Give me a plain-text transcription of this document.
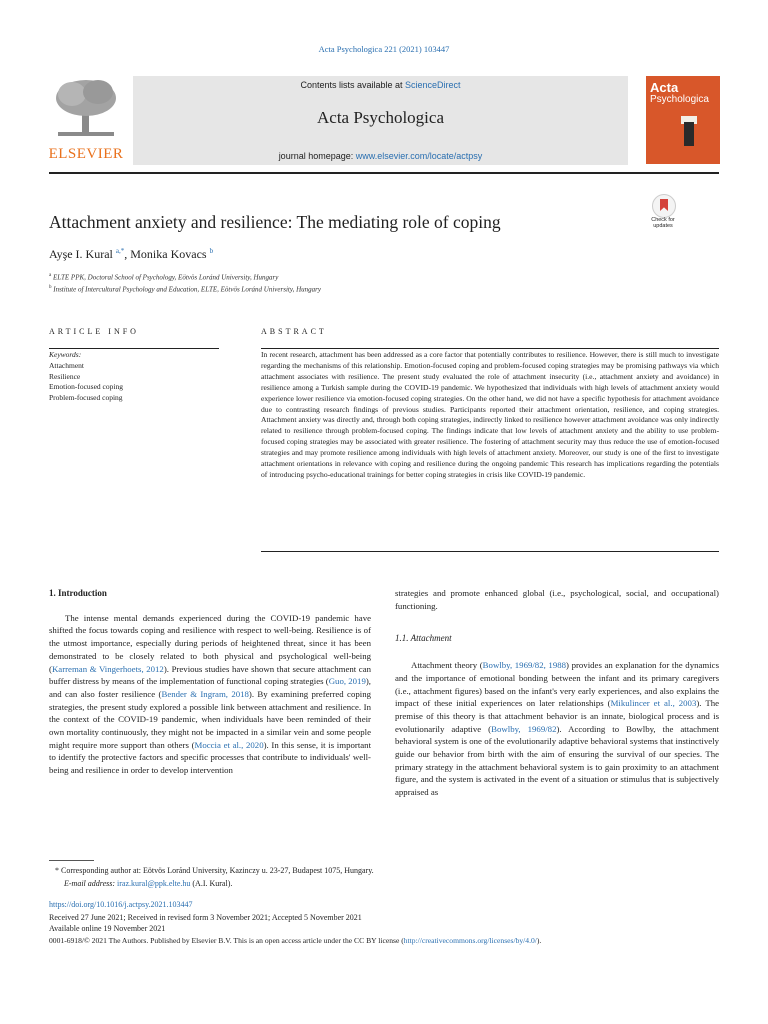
Acta Psychologica 221 (2021) 103447
ELSEVIER
Contents lists available at ScienceDirect
Acta Psychologica
journal homepage: www.elsevier.com/locate/actpsy
Acta
Psychologica
Attachment anxiety and resilience: The mediating role of coping	Check for
updates
Ayşe I. Kural $^{a,*}$, Monika Kovacs $^b$
$^a$ ELTE PPK, Doctoral School of Psychology, Eötvös Loránd University, Hungary
$^b$ Institute of Intercultural Psychology and Education, ELTE, Eötvös Loránd University, Hungary
ARTICLE INFO	ABSTRACT
Keywords:
Attachment
Resilience
Emotion-focused coping
Problem-focused coping
In recent research, attachment has been addressed as a core factor that potentially contributes to resilience. However, there is still much to investigate regarding the mechanisms of this relationship. Emotion-focused coping and problem-focused coping strategies may be promising pathways via which attachment associates with resilience. The present study evaluated the role of attachment insecurity (i.e., attachment anxiety and avoidance) in resilience among a Turkish sample during the COVID-19 pandemic. We hypothesized that individuals with high levels of attachment anxiety would experience lower resilience via emotion-focused coping strategies. On the other hand, we did not have a specific hypothesis for attachment avoidance due to contrasting research findings of previous studies. Participants reported their attachment orientation, resilience, and coping strategies. Attachment anxiety was directly and, through both coping strategies, indirectly linked to resilience however attachment avoidance was only indirectly related to resilience through problem-focused coping. The findings indicate that low levels of attachment anxiety and the ability to use problem-focused coping strategies may be associated with greater resilience. The fostering of attachment security may thus reduce the use of emotion-focused strategies and may promote resilience among individuals with high levels of attachment anxiety. Moreover, our study is one of the first to investigate attachment orientations in relevance with coping and resilience during the ongoing pandemic This research has implications regarding the potentials of introducing psycho-educational trainings for better coping strategies in crisis like COVID-19 pandemic.
1. Introduction

The intense mental demands experienced during the COVID-19 pandemic have shifted the focus towards coping and resilience with respect to well-being. Resilience is of the utmost importance, especially during periods of heightened threat, since it has been demonstrated to be closely related to both physical and psychological well-being (Karreman & Vingerhoets, 2012). Previous studies have shown that secure attachment can buffer distress by means of the implementation of functional coping strategies (Guo, 2019), and can also foster resilience (Bender & Ingram, 2018). By examining preferred coping strategies, the present study explored a possible link between attachment and resilience. In the context of the COVID-19 pandemic, when individuals have been reminded of their own mortality continuously, they might not be impacted in a similar vein and some people might require more support than others (Moccia et al., 2020). In this sense, it is important to identify the protective factors and specific processes that contribute to individuals' well-being and resilience in order to develop intervention

strategies and promote enhanced global (i.e., psychological, social, and occupational) functioning.
1.1. Attachment

Attachment theory (Bowlby, 1969/82, 1988) provides an explanation for the dynamics and the importance of emotional bonding between the infant and its primary caregivers (i.e., attachment figures) based on the infant's very early experiences, and also explains the impact of these initial experiences on later relationships (Mikulincer et al., 2003). The premise of this theory is that attachment behavior is an innate, biological process and is evolutionarily adaptive (Bowlby, 1969/82). According to Bowlby, the attachment behavioral system is one of the evolutionarily adaptive behavioral systems that instinctively guide our behavior from birth with the aim of ensuring the survival of our species. The primary strategy in the attachment behavioral system is to gain proximity to an attachment figure, and the system is activated in the event of a situation or stimulus that is subjectively appraised as

* Corresponding author at: Eötvös Loránd University, Kazinczy u. 23-27, Budapest 1075, Hungary.
E-mail address: iraz.kural@ppk.elte.hu (A.I. Kural).
https://doi.org/10.1016/j.actpsy.2021.103447
Received 27 June 2021; Received in revised form 3 November 2021; Accepted 5 November 2021
Available online 19 November 2021
0001-6918/© 2021 The Authors. Published by Elsevier B.V. This is an open access article under the CC BY license (http://creativecommons.org/licenses/by/4.0/).
